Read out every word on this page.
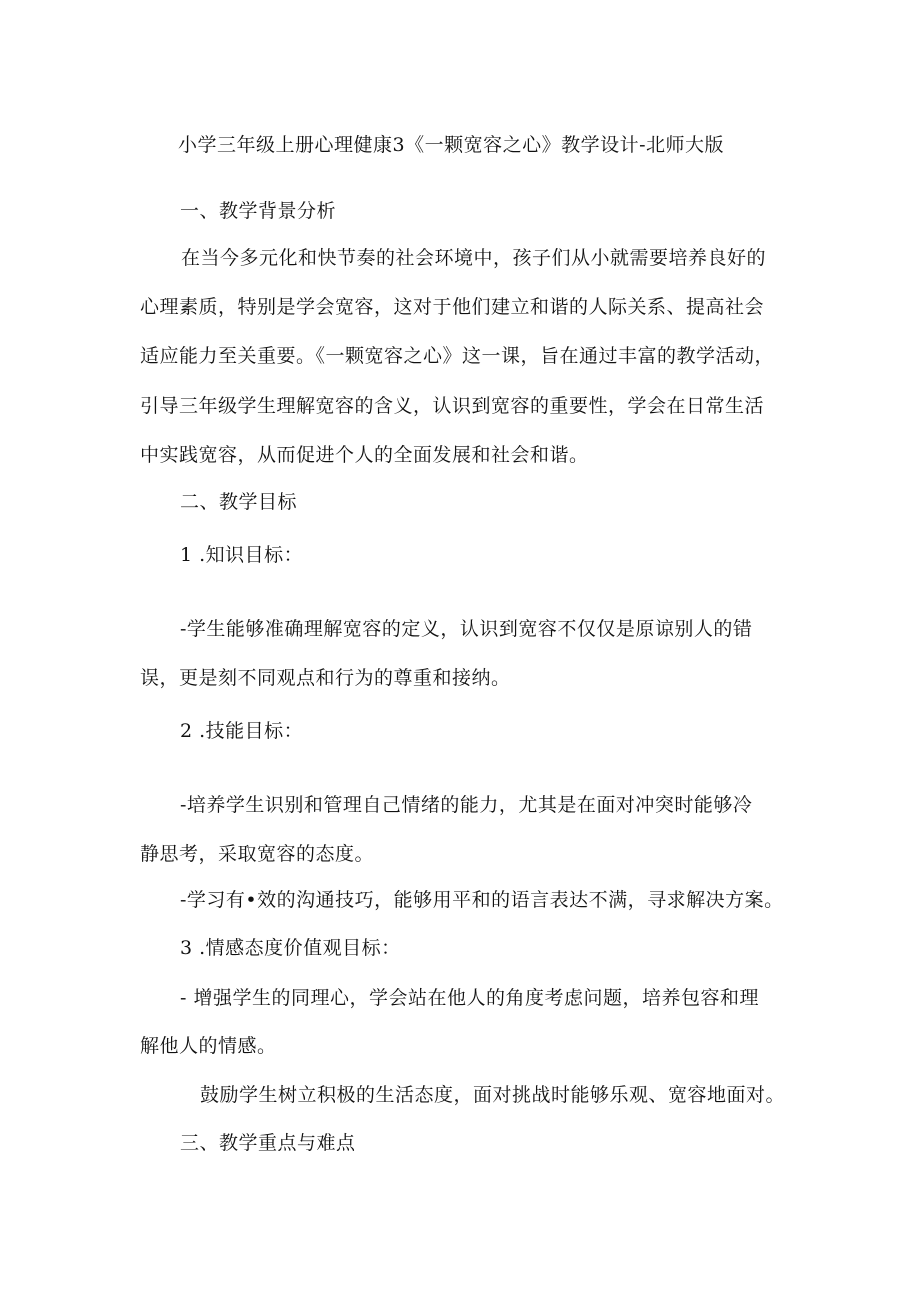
小学三年级上册心理健康3《一颗宽容之心》教学设计-北师大版
一、教学背景分析
在当今多元化和快节奏的社会环境中，孩子们从小就需要培养良好的
心理素质，特别是学会宽容，这对于他们建立和谐的人际关系、提高社会
适应能力至关重要。《一颗宽容之心》这一课，旨在通过丰富的教学活动，
引导三年级学生理解宽容的含义，认识到宽容的重要性，学会在日常生活
中实践宽容，从而促进个人的全面发展和社会和谐。
二、教学目标
1 .知识目标：
-学生能够准确理解宽容的定义，认识到宽容不仅仅是原谅别人的错
误，更是刻不同观点和行为的尊重和接纳。
2 .技能目标：
-培养学生识别和管理自己情绪的能力，尤其是在面对冲突时能够冷
静思考，采取宽容的态度。
-学习有•效的沟通技巧，能够用平和的语言表达不满，寻求解决方案。
3 .情感态度价值观目标：
- 增强学生的同理心，学会站在他人的角度考虑问题，培养包容和理
解他人的情感。
鼓励学生树立积极的生活态度，面对挑战时能够乐观、宽容地面对。
三、教学重点与难点
